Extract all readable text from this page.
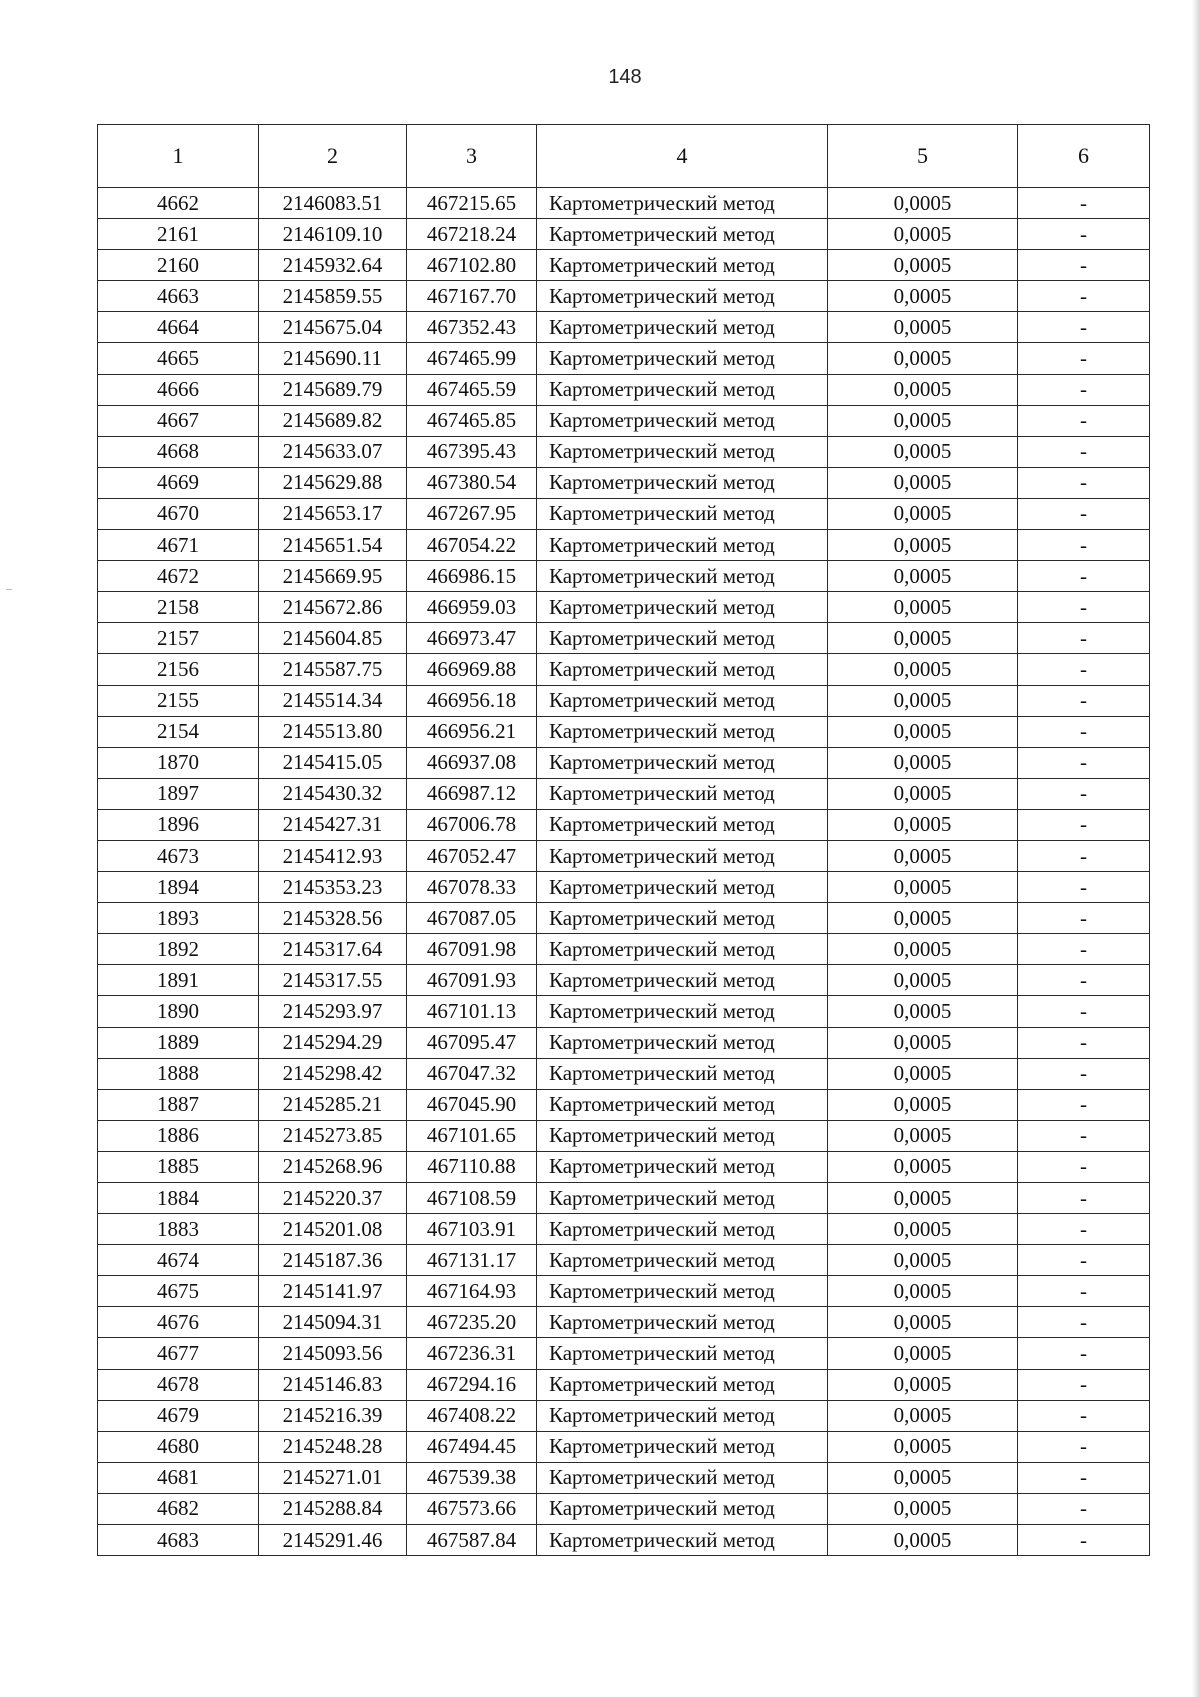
148
1	2	3	4	5	6
4662	2146083.51	467215.65	Картометрический метод	0,0005	-
2161	2146109.10	467218.24	Картометрический метод	0,0005	-
2160	2145932.64	467102.80	Картометрический метод	0,0005	-
4663	2145859.55	467167.70	Картометрический метод	0,0005	-
4664	2145675.04	467352.43	Картометрический метод	0,0005	-
4665	2145690.11	467465.99	Картометрический метод	0,0005	-
4666	2145689.79	467465.59	Картометрический метод	0,0005	-
4667	2145689.82	467465.85	Картометрический метод	0,0005	-
4668	2145633.07	467395.43	Картометрический метод	0,0005	-
4669	2145629.88	467380.54	Картометрический метод	0,0005	-
4670	2145653.17	467267.95	Картометрический метод	0,0005	-
4671	2145651.54	467054.22	Картометрический метод	0,0005	-
4672	2145669.95	466986.15	Картометрический метод	0,0005	-
2158	2145672.86	466959.03	Картометрический метод	0,0005	-
2157	2145604.85	466973.47	Картометрический метод	0,0005	-
2156	2145587.75	466969.88	Картометрический метод	0,0005	-
2155	2145514.34	466956.18	Картометрический метод	0,0005	-
2154	2145513.80	466956.21	Картометрический метод	0,0005	-
1870	2145415.05	466937.08	Картометрический метод	0,0005	-
1897	2145430.32	466987.12	Картометрический метод	0,0005	-
1896	2145427.31	467006.78	Картометрический метод	0,0005	-
4673	2145412.93	467052.47	Картометрический метод	0,0005	-
1894	2145353.23	467078.33	Картометрический метод	0,0005	-
1893	2145328.56	467087.05	Картометрический метод	0,0005	-
1892	2145317.64	467091.98	Картометрический метод	0,0005	-
1891	2145317.55	467091.93	Картометрический метод	0,0005	-
1890	2145293.97	467101.13	Картометрический метод	0,0005	-
1889	2145294.29	467095.47	Картометрический метод	0,0005	-
1888	2145298.42	467047.32	Картометрический метод	0,0005	-
1887	2145285.21	467045.90	Картометрический метод	0,0005	-
1886	2145273.85	467101.65	Картометрический метод	0,0005	-
1885	2145268.96	467110.88	Картометрический метод	0,0005	-
1884	2145220.37	467108.59	Картометрический метод	0,0005	-
1883	2145201.08	467103.91	Картометрический метод	0,0005	-
4674	2145187.36	467131.17	Картометрический метод	0,0005	-
4675	2145141.97	467164.93	Картометрический метод	0,0005	-
4676	2145094.31	467235.20	Картометрический метод	0,0005	-
4677	2145093.56	467236.31	Картометрический метод	0,0005	-
4678	2145146.83	467294.16	Картометрический метод	0,0005	-
4679	2145216.39	467408.22	Картометрический метод	0,0005	-
4680	2145248.28	467494.45	Картометрический метод	0,0005	-
4681	2145271.01	467539.38	Картометрический метод	0,0005	-
4682	2145288.84	467573.66	Картометрический метод	0,0005	-
4683	2145291.46	467587.84	Картометрический метод	0,0005	-
